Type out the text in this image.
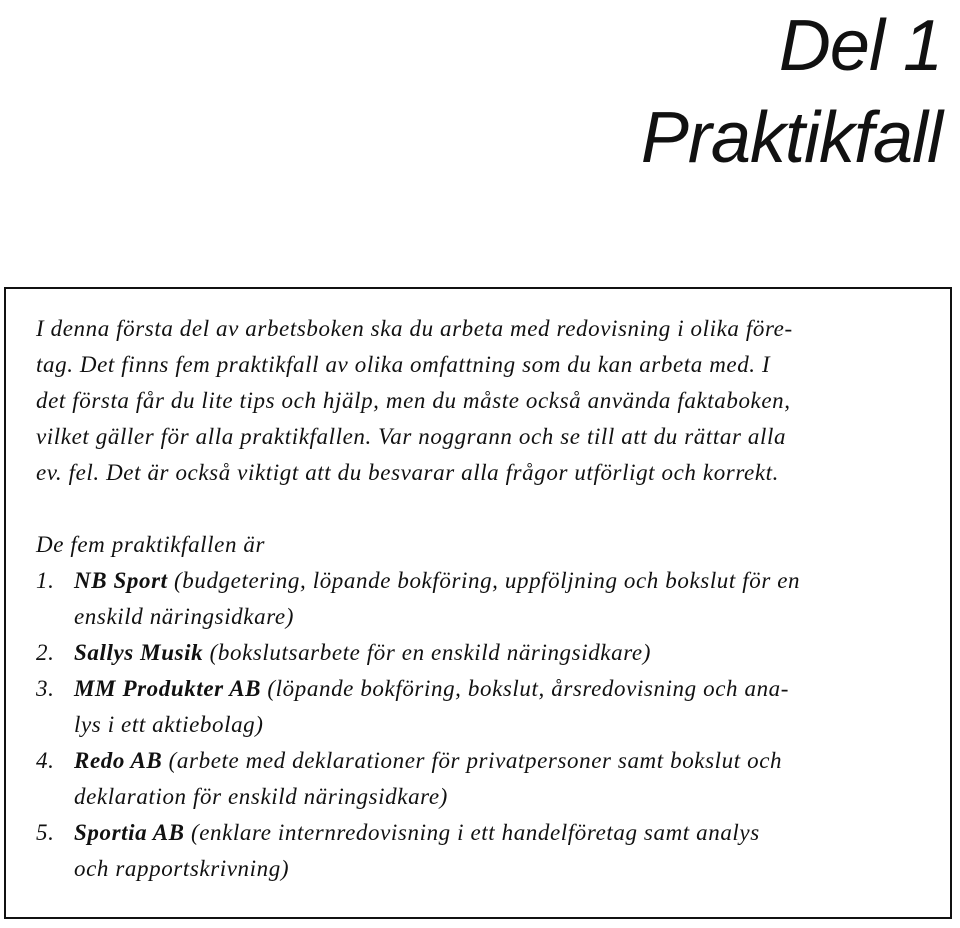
Del 1
Praktikfall
I denna första del av arbetsboken ska du arbeta med redovisning i olika före-
tag. Det finns fem praktikfall av olika omfattning som du kan arbeta med. I
det första får du lite tips och hjälp, men du måste också använda faktaboken,
vilket gäller för alla praktikfallen. Var noggrann och se till att du rättar alla
ev. fel. Det är också viktigt att du besvarar alla frågor utförligt och korrekt.
De fem praktikfallen är
1. NB Sport (budgetering, löpande bokföring, uppföljning och bokslut för en
enskild näringsidkare)
2. Sallys Musik (bokslutsarbete för en enskild näringsidkare)
3. MM Produkter AB (löpande bokföring, bokslut, årsredovisning och ana-
lys i ett aktiebolag)
4. Redo AB (arbete med deklarationer för privatpersoner samt bokslut och
deklaration för enskild näringsidkare)
5. Sportia AB (enklare internredovisning i ett handelföretag samt analys
och rapportskrivning)
